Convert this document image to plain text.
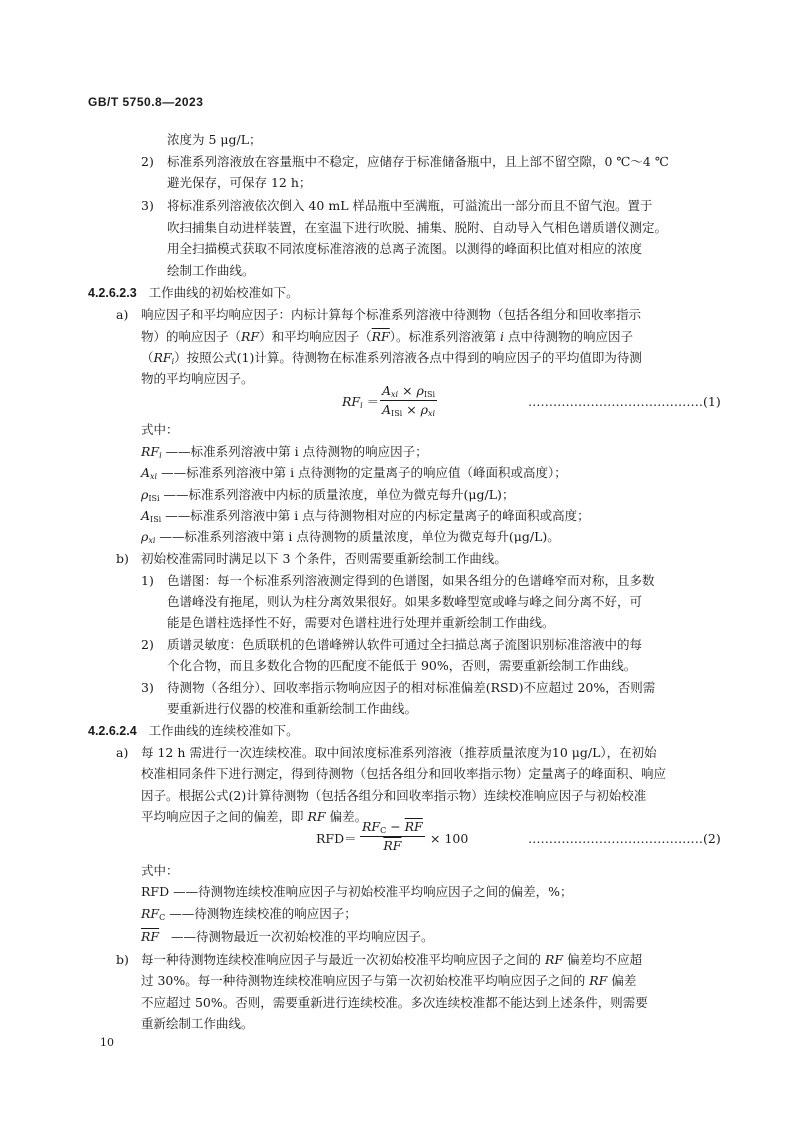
GB/T 5750.8—2023
浓度为 5 μg/L；
2) 标准系列溶液放在容量瓶中不稳定，应储存于标准储备瓶中，且上部不留空隙，0 ℃～4 ℃
避光保存，可保存 12 h；
3) 将标准系列溶液依次倒入 40 mL 样品瓶中至满瓶，可溢流出一部分而且不留气泡。置于
吹扫捕集自动进样装置，在室温下进行吹脱、捕集、脱附、自动导入气相色谱质谱仪测定。
用全扫描模式获取不同浓度标准溶液的总离子流图。以测得的峰面积比值对相应的浓度
绘制工作曲线。
4.2.6.2.3 工作曲线的初始校准如下。
a) 响应因子和平均响应因子：内标计算每个标准系列溶液中待测物（包括各组分和回收率指示
物）的响应因子（RF）和平均响应因子$(\overline{RF})$。标准系列溶液第 i 点中待测物的响应因子
$(RF_i)$按照公式(1)计算。待测物在标准系列溶液各点中得到的响应因子的平均值即为待测
物的平均响应因子。
$RF_i$ ＝
$A_{xi} \times \rho_{ISi}$
$A_{ISi} \times \rho_{xi}$
……………………………………(1)
式中：
$RF_i$ ——标准系列溶液中第 i 点待测物的响应因子；
$A_{xi}$ ——标准系列溶液中第 i 点待测物的定量离子的响应值（峰面积或高度）；
$\rho_{ISi}$ ——标准系列溶液中内标的质量浓度，单位为微克每升(μg/L)；
$A_{ISi}$ ——标准系列溶液中第 i 点与待测物相对应的内标定量离子的峰面积或高度；
$\rho_{xi}$ ——标准系列溶液中第 i 点待测物的质量浓度，单位为微克每升(μg/L)。
b) 初始校准需同时满足以下 3 个条件，否则需要重新绘制工作曲线。
1) 色谱图：每一个标准系列溶液测定得到的色谱图，如果各组分的色谱峰窄而对称，且多数
色谱峰没有拖尾，则认为柱分离效果很好。如果多数峰型宽或峰与峰之间分离不好，可
能是色谱柱选择性不好，需要对色谱柱进行处理并重新绘制工作曲线。
2) 质谱灵敏度：色质联机的色谱峰辨认软件可通过全扫描总离子流图识别标准溶液中的每
个化合物，而且多数化合物的匹配度不能低于 90%，否则，需要重新绘制工作曲线。
3) 待测物（各组分）、回收率指示物响应因子的相对标准偏差(RSD)不应超过 20%，否则需
要重新进行仪器的校准和重新绘制工作曲线。
4.2.6.2.4 工作曲线的连续校准如下。
a) 每 12 h 需进行一次连续校准。取中间浓度标准系列溶液（推荐质量浓度为10 μg/L），在初始
校准相同条件下进行测定，得到待测物（包括各组分和回收率指示物）定量离子的峰面积、响应
因子。根据公式(2)计算待测物（包括各组分和回收率指示物）连续校准响应因子与初始校准
平均响应因子之间的偏差，即 RF 偏差。
RFD＝
$RF_C - \overline{RF}$
$\overline{RF} \times 100$	……………………………………(2)
式中：
RFD ——待测物连续校准响应因子与初始校准平均响应因子之间的偏差，%；
$RF_C$ ——待测物连续校准的响应因子；
$\overline{RF}$ ——待测物最近一次初始校准的平均响应因子。
b) 每一种待测物连续校准响应因子与最近一次初始校准平均响应因子之间的 RF 偏差均不应超
过 30%。每一种待测物连续校准响应因子与第一次初始校准平均响应因子之间的 RF 偏差
不应超过 50%。否则，需要重新进行连续校准。多次连续校准都不能达到上述条件，则需要
重新绘制工作曲线。
10
